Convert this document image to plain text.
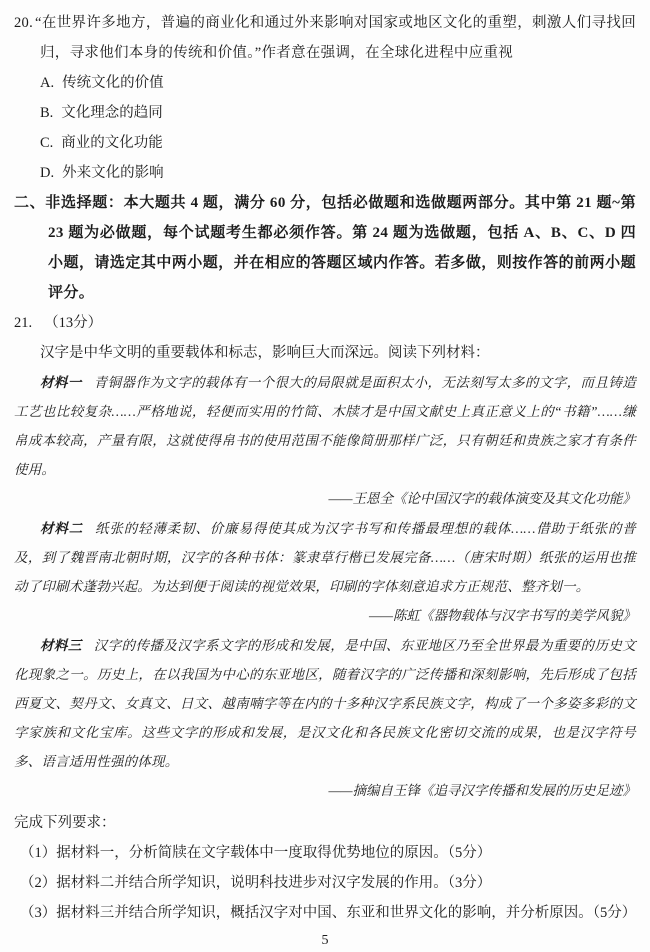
20. “在世界许多地方，普遍的商业化和通过外来影响对国家或地区文化的重塑，刺激人们寻找回归，寻求他们本身的传统和价值。”作者意在强调，在全球化进程中应重视

A. 传统文化的价值

B. 文化理念的趋同

C. 商业的文化功能

D. 外来文化的影响

二、非选择题：本大题共 4 题，满分 60 分，包括必做题和选做题两部分。其中第 21 题~第 23 题为必做题，每个试题考生都必须作答。第 24 题为选做题，包括 A、B、C、D 四小题，请选定其中两小题，并在相应的答题区域内作答。若多做，则按作答的前两小题评分。

21. （13分）

汉字是中华文明的重要载体和标志，影响巨大而深远。阅读下列材料：

材料一 青铜器作为文字的载体有一个很大的局限就是面积太小，无法刻写太多的文字，而且铸造工艺也比较复杂……严格地说，轻便而实用的竹简、木牍才是中国文献史上真正意义上的“书籍”……缣帛成本较高，产量有限，这就使得帛书的使用范围不能像简册那样广泛，只有朝廷和贵族之家才有条件使用。

——王恩全《论中国汉字的载体演变及其文化功能》

材料二 纸张的轻薄柔韧、价廉易得使其成为汉字书写和传播最理想的载体……借助于纸张的普及，到了魏晋南北朝时期，汉字的各种书体：篆隶草行楷已发展完备……（唐宋时期）纸张的运用也推动了印刷术蓬勃兴起。为达到便于阅读的视觉效果，印刷的字体刻意追求方正规范、整齐划一。

——陈虹《器物载体与汉字书写的美学风貌》

材料三 汉字的传播及汉字系文字的形成和发展，是中国、东亚地区乃至全世界最为重要的历史文化现象之一。历史上，在以我国为中心的东亚地区，随着汉字的广泛传播和深刻影响，先后形成了包括西夏文、契丹文、女真文、日文、越南喃字等在内的十多种汉字系民族文字，构成了一个多姿多彩的文字家族和文化宝库。这些文字的形成和发展，是汉文化和各民族文化密切交流的成果，也是汉字符号多、语言适用性强的体现。

——摘编自王锋《追寻汉字传播和发展的历史足迹》

完成下列要求：

（1）据材料一，分析简牍在文字载体中一度取得优势地位的原因。（5分）

（2）据材料二并结合所学知识，说明科技进步对汉字发展的作用。（3分）

（3）据材料三并结合所学知识，概括汉字对中国、东亚和世界文化的影响，并分析原因。（5分）

5
